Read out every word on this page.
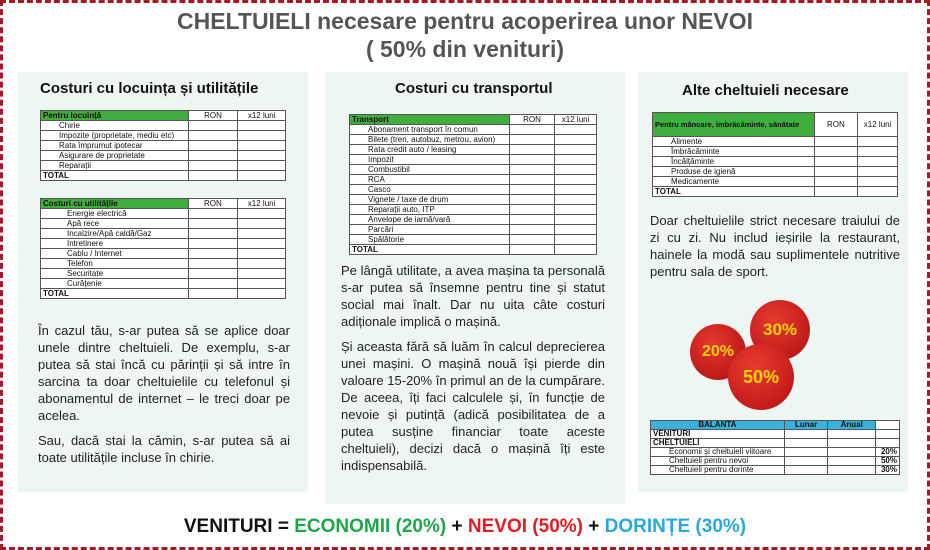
CHELTUIELI necesare pentru acoperirea unor NEVOI
( 50% din venituri)
Costuri cu locuința și utilitățile
Pentru locuință	RON	x12 luni
Chirie		
Impozite (proprietate, mediu etc)		
Rata împrumut ipotecar		
Asigurare de proprietate		
Reparații		
TOTAL		
Costuri cu utilitățile	RON	x12 luni
Energie electrică		
Apă rece		
Incalzire/Apă caldă/Gaz		
Intretinere		
Cablu / Internet		
Telefon		
Securitate		
Curățenie		
TOTAL		

În cazul tău, s-ar putea să se aplice doar unele dintre cheltuieli. De exemplu, s-ar putea să stai încă cu părinții și să intre în sarcina ta doar cheltuielile cu telefonul și abonamentul de internet – le treci doar pe acelea.

Sau, dacă stai la cămin, s-ar putea să ai toate utilitățile incluse în chirie.

Costuri cu transportul
Transport	RON	x12 luni
Abonament transport în comun		
Bilete (tren, autobuz, metrou, avion)		
Rata credit auto / leasing		
Impozit		
Combustibil		
RCA		
Casco		
Vignete / taxe de drum		
Reparații auto, ITP		
Anvelope de iarnă/vară		
Parcări		
Spălătorie		
TOTAL		

Pe lângă utilitate, a avea mașina ta personală s-ar putea să însemne pentru tine și statut social mai înalt. Dar nu uita câte costuri adiționale implică o mașină.

Și aceasta fără să luăm în calcul deprecierea unei mașini. O mașină nouă își pierde din valoare 15-20% în primul an de la cumpărare. De aceea, îți faci calculele și, în funcție de nevoie și putință (adică posibilitatea de a putea susține financiar toate aceste cheltuieli), decizi dacă o mașină îți este indispensabilă.

Alte cheltuieli necesare
Pentru mâncare, îmbrăcăminte, sănătate	RON	x12 luni
Alimente		
Îmbrăcăminte		
Încălțăminte		
Produse de igienă		
Medicamente		
TOTAL		

Doar cheltuielile strict necesare traiului de zi cu zi. Nu includ ieșirile la restaurant, hainele la modă sau suplimentele nutritive pentru sala de sport.

30%
20%
50%
BALANTA	Lunar	Anual	
VENITURI			
CHELTUIELI			
Economii și cheltuieli viitoare			20%
Cheltuieli pentru nevoi			50%
Cheltuieli pentru dorinte			30%
VENITURI = ECONOMII (20%) + NEVOI (50%) + DORINȚE (30%)
